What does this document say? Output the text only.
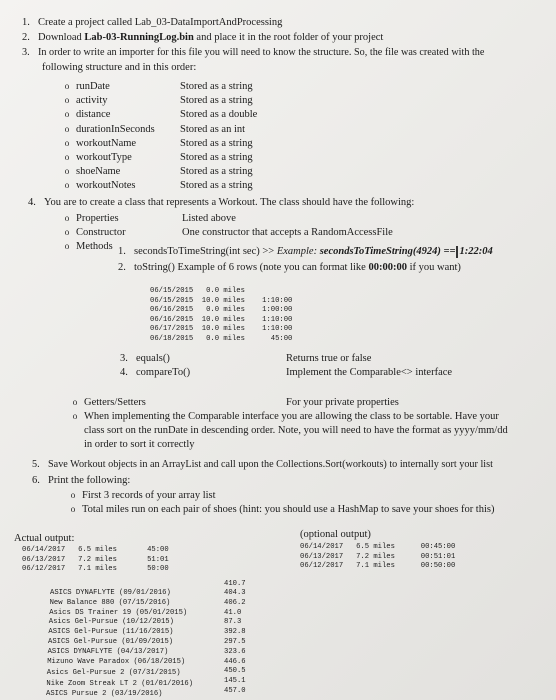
1. Create a project called Lab_03-DataImportAndProcessing
2. Download Lab-03-RunningLog.bin and place it in the root folder of your project
3. In order to write an importer for this file you will need to know the structure. So, the file was created with the
following structure and in this order:
o runDate	Stored as a string
o activity	Stored as a string
o distance	Stored as a double
o durationInSeconds Stored as an int
o workoutName	Stored as a string
o workoutType	Stored as a string
o shoeName	Stored as a string
o workoutNotes	Stored as a string
4. You are to create a class that represents a Workout. The class should have the following:
o Properties	Listed above
o Constructor	One constructor that accepts a RandomAccessFile
o Methods 1. secondsToTimeString(int sec) >> Example: secondsToTimeString(4924) == 1:22:04
2. toString() Example of 6 rows (note you can format like 00:00:00 if you want)
06/15/2015   0.0 miles
06/15/2015  10.0 miles    1:10:00
06/16/2015   0.0 miles    1:00:00
06/16/2015  10.0 miles    1:10:00
06/17/2015  10.0 miles    1:10:00
06/18/2015   0.0 miles      45:00
3. equals()	Returns true or false
4. compareTo()	Implement the Comparable<> interface
o Getters/Setters	For your private properties
o When implementing the Comparable interface you are allowing the class to be sortable. Have your
class sort on the runDate in descending order. Note, you will need to have the format as yyyy/mm/dd
in order to sort it correctly
5. Save Workout objects in an ArrayList and call upon the Collections.Sort(workouts) to internally sort your list
6. Print the following:
o First 3 records of your array list
o Total miles run on each pair of shoes (hint: you should use a HashMap to save your shoes for this)
Actual output:	(optional output)
06/14/2017   6.5 miles       45:00
06/13/2017   7.2 miles       51:01
06/12/2017   7.1 miles       50:00
06/14/2017   6.5 miles      00:45:00
06/13/2017   7.2 miles      00:51:01
06/12/2017   7.1 miles      00:50:00
410.7
ASICS DYNAFLYTE (09/01/2016)	404.3
New Balance 880 (07/15/2016)	406.2
Asics DS Trainer 19 (05/01/2015)	41.0
Asics Gel-Pursue (10/12/2015)	87.3
ASICS Gel-Pursue (11/16/2015)	392.8
ASICS Gel-Pursue (01/09/2015)	297.5
ASICS DYNAFLYTE (04/13/2017)	323.6
Mizuno Wave Paradox (06/18/2015)	446.6
Asics Gel-Pursue 2 (07/31/2015)	450.5
Nike Zoom Streak LT 2 (01/01/2016)	145.1
ASICS Pursue 2 (03/19/2016)	457.0
